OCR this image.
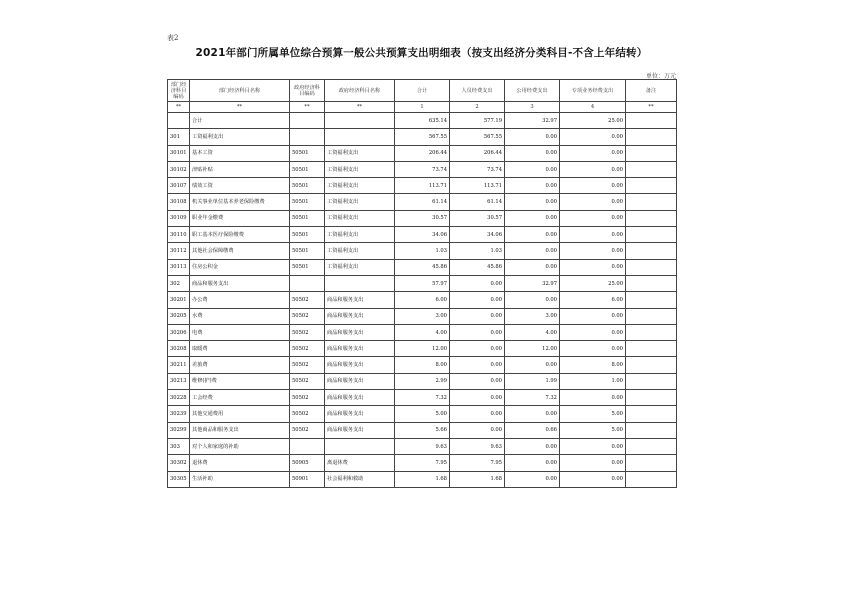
表2
2021年部门所属单位综合预算一般公共预算支出明细表（按支出经济分类科目-不含上年结转）
单位：万元
部门经济科目编码	部门经济科目名称	政府经济科目编码	政府经济科目名称	合计	人员经费支出	公用经费支出	专项业务经费支出	备注
**	**	**	**	1	2	3	4	**
	合计			635.14	577.19	32.97	25.00	
301	工资福利支出			567.55	567.55	0.00	0.00	
30101	基本工资	50501	工资福利支出	206.44	206.44	0.00	0.00	
30102	津贴补贴	50501	工资福利支出	73.74	73.74	0.00	0.00	
30107	绩效工资	50501	工资福利支出	113.71	113.71	0.00	0.00	
30108	机关事业单位基本养老保险缴费	50501	工资福利支出	61.14	61.14	0.00	0.00	
30109	职业年金缴费	50501	工资福利支出	30.57	30.57	0.00	0.00	
30110	职工基本医疗保险缴费	50501	工资福利支出	34.06	34.06	0.00	0.00	
30112	其他社会保障缴费	50501	工资福利支出	1.03	1.03	0.00	0.00	
30113	住房公积金	50501	工资福利支出	45.86	45.86	0.00	0.00	
302	商品和服务支出			57.97	0.00	32.97	25.00	
30201	办公费	50502	商品和服务支出	6.00	0.00	0.00	6.00	
30205	水费	50502	商品和服务支出	3.00	0.00	3.00	0.00	
30206	电费	50502	商品和服务支出	4.00	0.00	4.00	0.00	
30208	取暖费	50502	商品和服务支出	12.00	0.00	12.00	0.00	
30211	差旅费	50502	商品和服务支出	8.00	0.00	0.00	8.00	
30213	维修(护)费	50502	商品和服务支出	2.99	0.00	1.99	1.00	
30228	工会经费	50502	商品和服务支出	7.32	0.00	7.32	0.00	
30239	其他交通费用	50502	商品和服务支出	5.00	0.00	0.00	5.00	
30299	其他商品和服务支出	50502	商品和服务支出	5.66	0.00	0.66	5.00	
303	对个人和家庭的补助			9.63	9.63	0.00	0.00	
30302	退休费	50905	离退休费	7.95	7.95	0.00	0.00	
30305	生活补助	50901	社会福利和救助	1.68	1.68	0.00	0.00	
